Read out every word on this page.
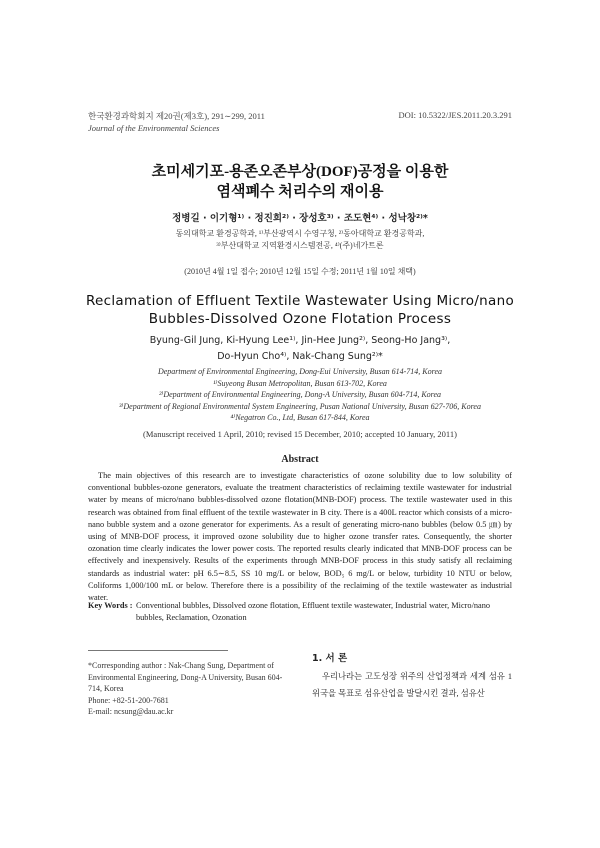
한국환경과학회지 제20권(제3호), 291∼299, 2011
Journal of the Environmental Sciences
DOI: 10.5322/JES.2011.20.3.291
초미세기포-용존오존부상(DOF)공정을 이용한
염색폐수 처리수의 재이용
정병길 · 이기형¹⁾ · 정진희²⁾ · 장성호³⁾ · 조도현⁴⁾ · 성낙창²⁾*
동의대학교 환경공학과, ¹⁾부산광역시 수영구청, ²⁾동아대학교 환경공학과,
³⁾부산대학교 지역환경시스템전공, ⁴⁾(주)네가트론
(2010년 4월 1일 접수; 2010년 12월 15일 수정; 2011년 1월 10일 채택)
Reclamation of Effluent Textile Wastewater Using Micro/nano
Bubbles-Dissolved Ozone Flotation Process
Byung-Gil Jung, Ki-Hyung Lee¹⁾, Jin-Hee Jung²⁾, Seong-Ho Jang³⁾,
Do-Hyun Cho⁴⁾, Nak-Chang Sung²⁾*
Department of Environmental Engineering, Dong-Eui University, Busan 614-714, Korea
¹⁾Suyeong Busan Metropolitan, Busan 613-702, Korea
²⁾Department of Environmental Engineering, Dong-A University, Busan 604-714, Korea
³⁾Department of Regional Environmental System Engineering, Pusan National University, Busan 627-706, Korea
⁴⁾Negatron Co., Ltd, Busan 617-844, Korea
(Manuscript received 1 April, 2010; revised 15 December, 2010; accepted 10 January, 2011)
Abstract
The main objectives of this research are to investigate characteristics of ozone solubility due to low solubility of conventional bubbles-ozone generators, evaluate the treatment characteristics of reclaiming textile wastewater for industrial water by means of micro/nano bubbles-dissolved ozone flotation(MNB-DOF) process. The textile wastewater used in this research was obtained from final effluent of the textile wastewater in B city. There is a 400L reactor which consists of a micro-nano bubble system and a ozone generator for experiments. As a result of generating micro-nano bubbles (below 0.5 ㎛) by using of MNB-DOF process, it improved ozone solubility due to higher ozone transfer rates. Consequently, the shorter ozonation time clearly indicates the lower power costs. The reported results clearly indicated that MNB-DOF process can be effectively and inexpensively. Results of the experiments through MNB-DOF process in this study satisfy all reclaiming standards as industrial water: pH 6.5∼8.5, SS 10 mg/L or below, BOD₅ 6 mg/L or below, turbidity 10 NTU or below, Coliforms 1,000/100 mL or below. Therefore there is a possibility of the reclaiming of the textile wastewater as industrial water.
Key Words : Conventional bubbles, Dissolved ozone flotation, Effluent textile wastewater, Industrial water, Micro/nano bubbles, Reclamation, Ozonation
*Corresponding author : Nak-Chang Sung, Department of Environmental Engineering, Dong-A University, Busan 604-714, Korea
Phone: +82-51-200-7681
E-mail: ncsung@dau.ac.kr
1. 서 론
우리나라는 고도성장 위주의 산업정책과 세계 섬유 1위국을 목표로 섬유산업을 발달시킨 결과, 섬유산
